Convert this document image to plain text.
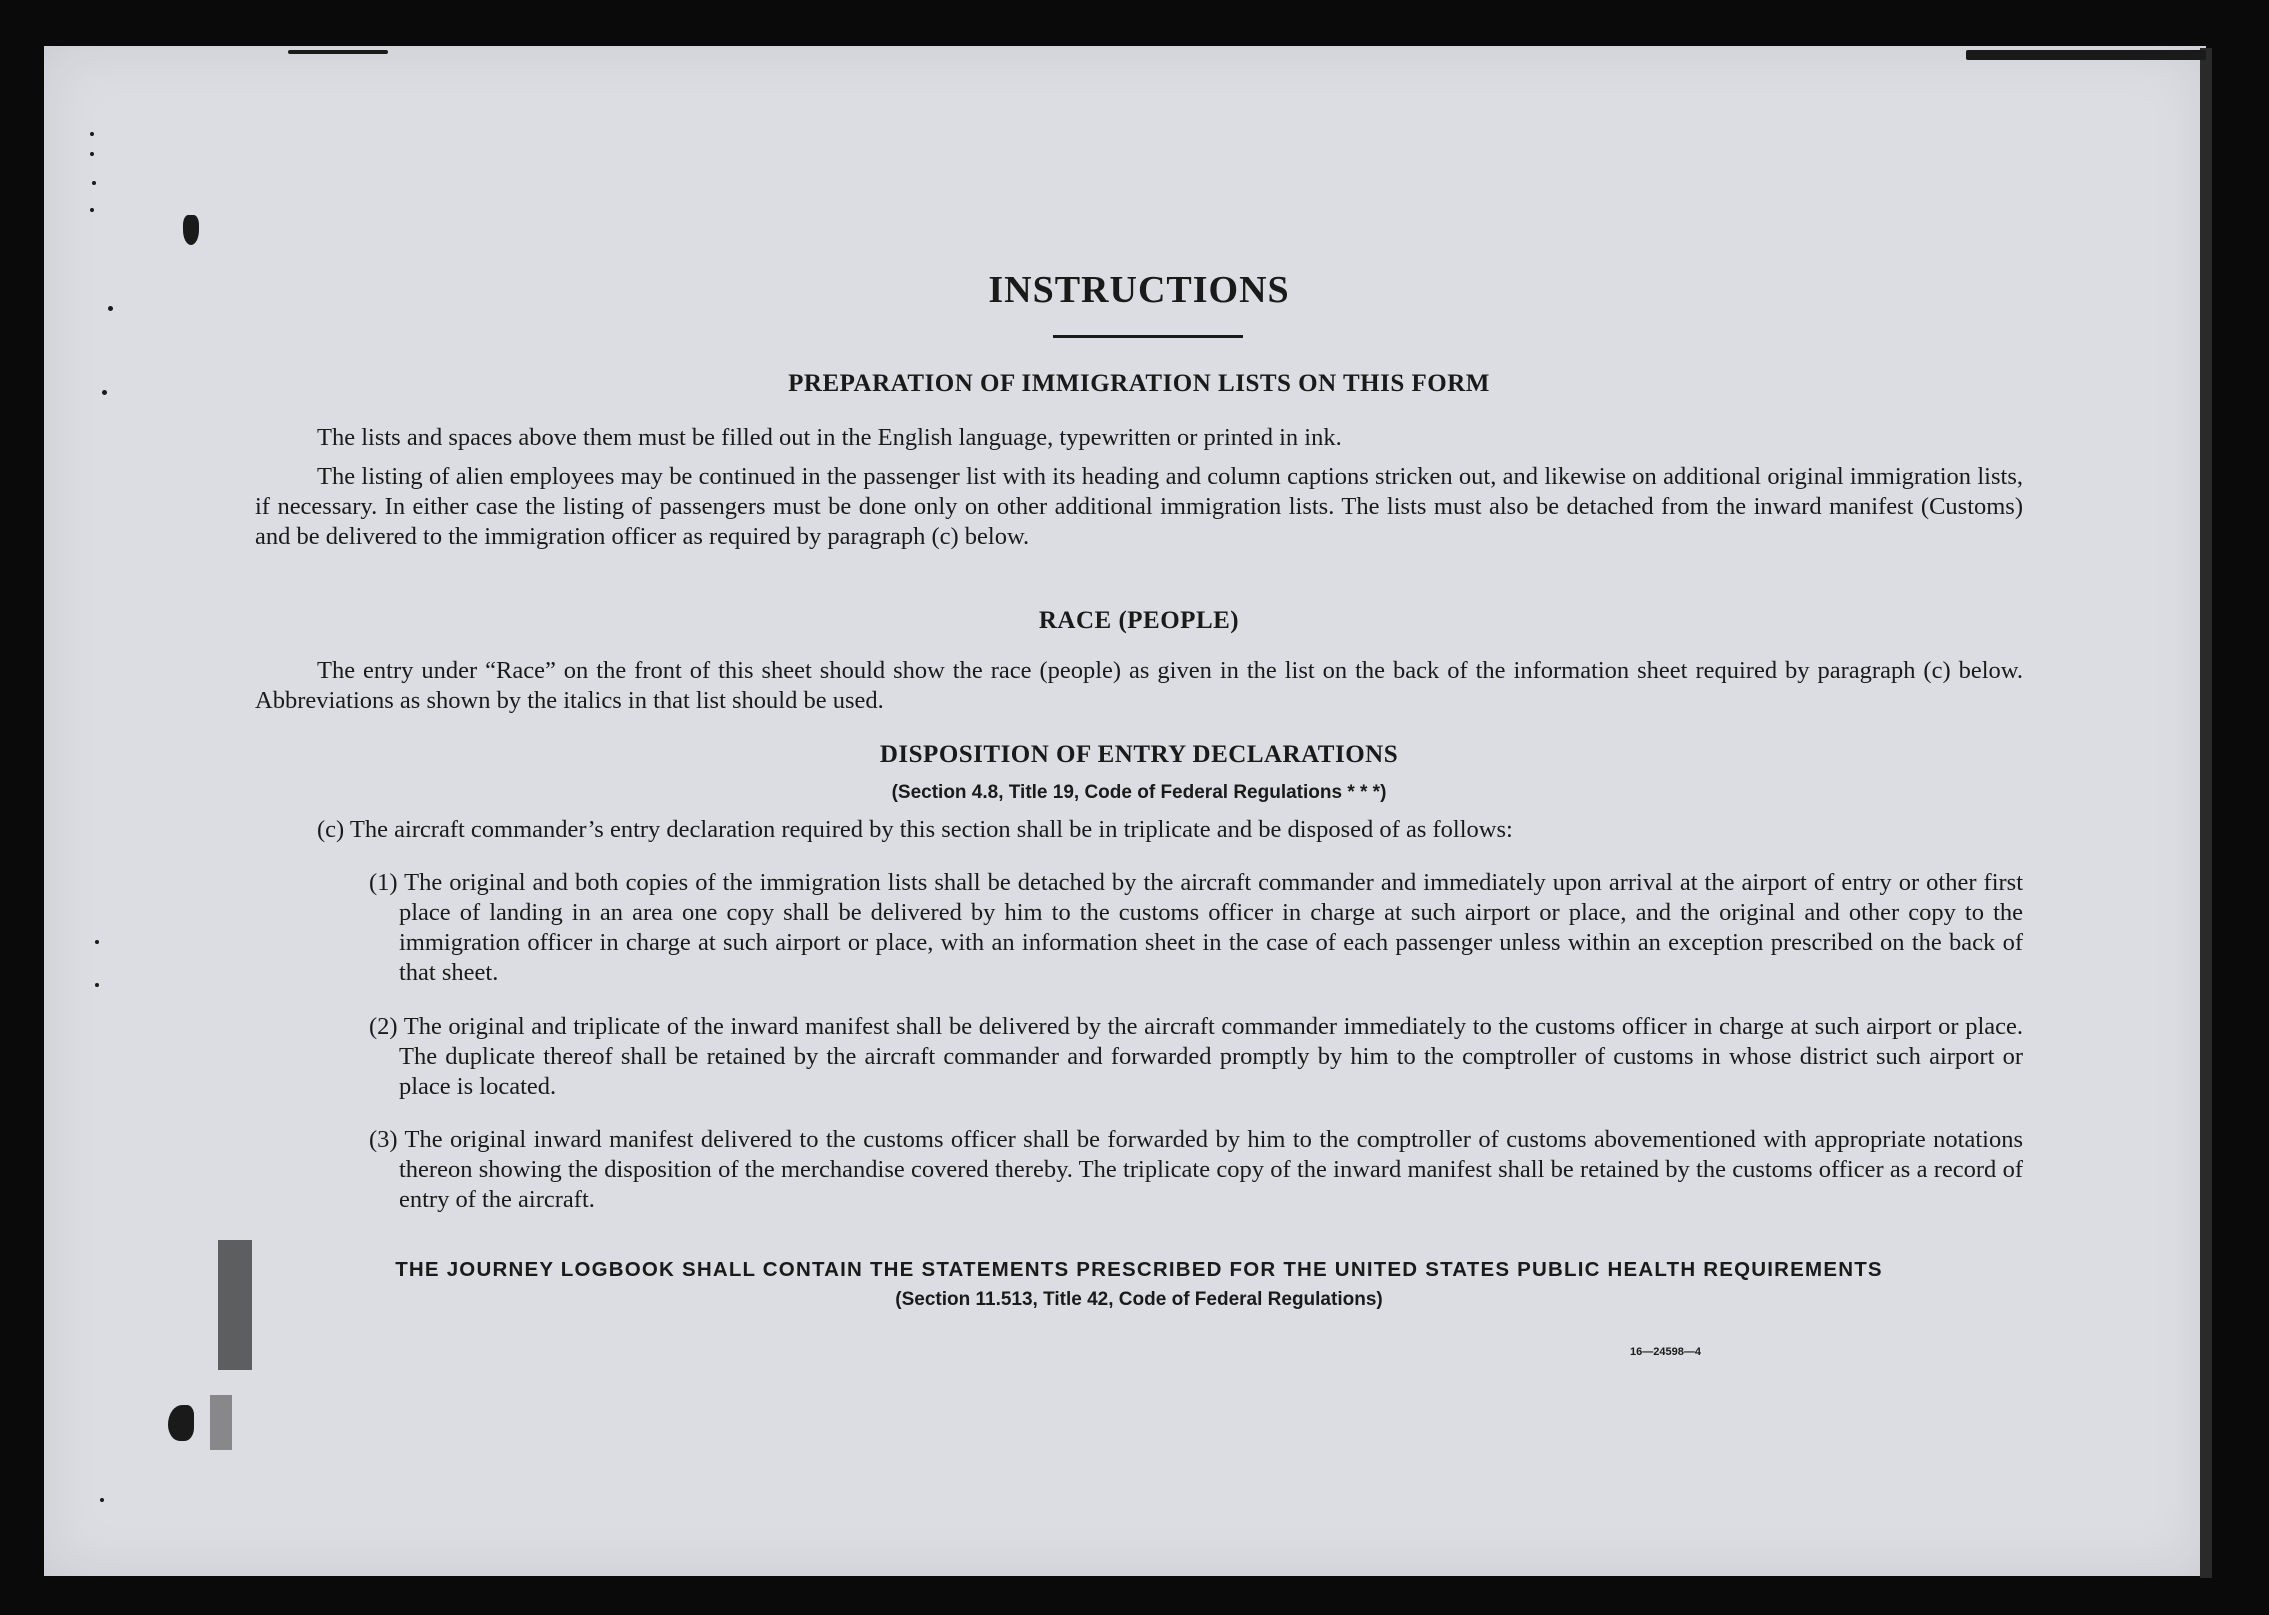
INSTRUCTIONS
PREPARATION OF IMMIGRATION LISTS ON THIS FORM
The lists and spaces above them must be filled out in the English language, typewritten or printed in ink.
The listing of alien employees may be continued in the passenger list with its heading and column captions stricken out, and likewise on additional original immigration lists, if necessary. In either case the listing of passengers must be done only on other additional immigration lists. The lists must also be detached from the inward manifest (Customs) and be delivered to the immigration officer as required by paragraph (c) below.
RACE (PEOPLE)
The entry under “Race” on the front of this sheet should show the race (people) as given in the list on the back of the information sheet required by paragraph (c) below. Abbreviations as shown by the italics in that list should be used.
DISPOSITION OF ENTRY DECLARATIONS
(Section 4.8, Title 19, Code of Federal Regulations * * *)
(c) The aircraft commander’s entry declaration required by this section shall be in triplicate and be disposed of as follows:
(1) The original and both copies of the immigration lists shall be detached by the aircraft commander and immediately upon arrival at the airport of entry or other first place of landing in an area one copy shall be delivered by him to the customs officer in charge at such airport or place, and the original and other copy to the immigration officer in charge at such airport or place, with an information sheet in the case of each passenger unless within an exception prescribed on the back of that sheet.
(2) The original and triplicate of the inward manifest shall be delivered by the aircraft commander immediately to the customs officer in charge at such airport or place. The duplicate thereof shall be retained by the aircraft commander and forwarded promptly by him to the comptroller of customs in whose district such airport or place is located.
(3) The original inward manifest delivered to the customs officer shall be forwarded by him to the comptroller of customs abovementioned with appropriate notations thereon showing the disposition of the merchandise covered thereby. The triplicate copy of the inward manifest shall be retained by the customs officer as a record of entry of the aircraft.
THE JOURNEY LOGBOOK SHALL CONTAIN THE STATEMENTS PRESCRIBED FOR THE UNITED STATES PUBLIC HEALTH REQUIREMENTS
(Section 11.513, Title 42, Code of Federal Regulations)
16—24598—4
